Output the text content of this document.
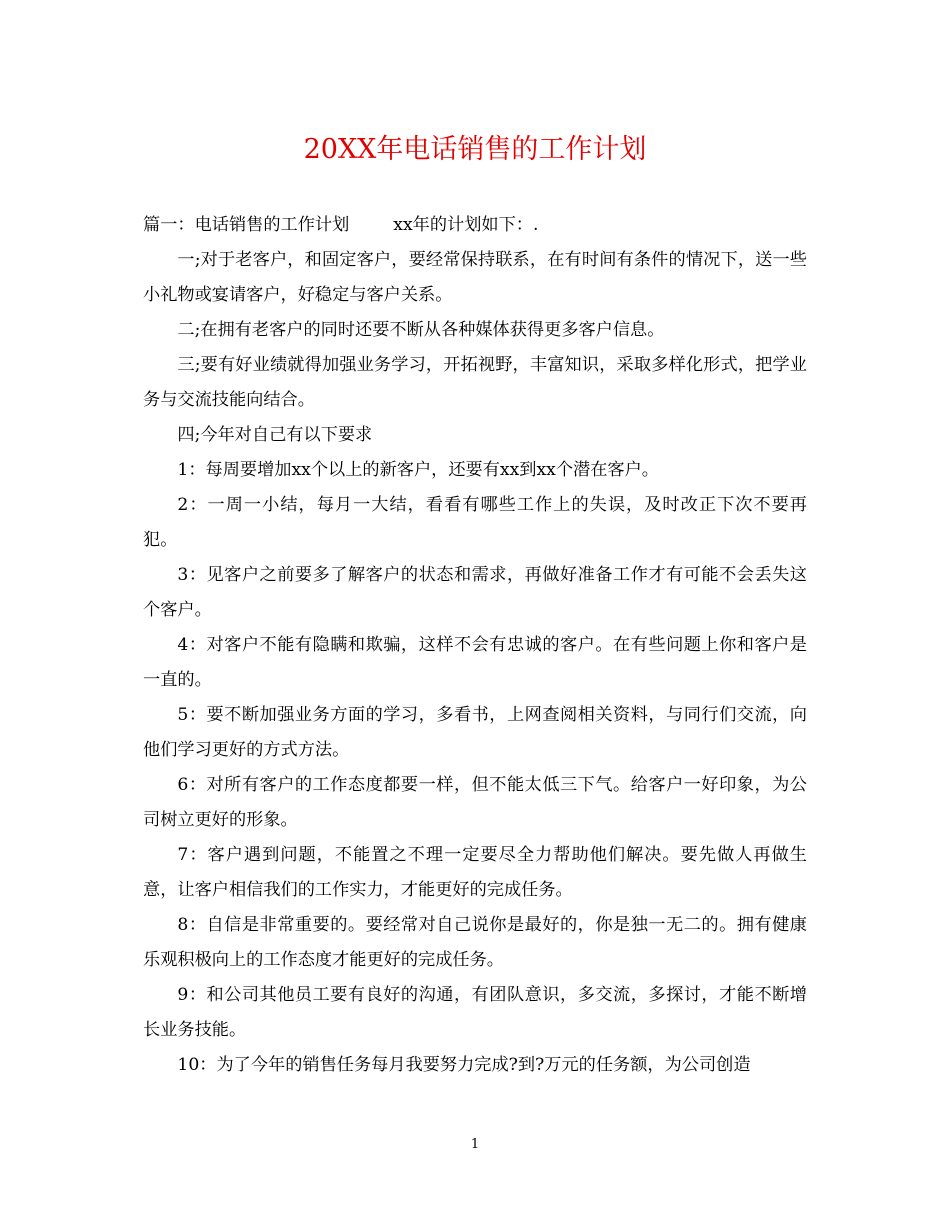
20XX年电话销售的工作计划

篇一：电话销售的工作计划	xx年的计划如下：.

一;对于老客户，和固定客户，要经常保持联系，在有时间有条件的情况下，送一些小礼物或宴请客户，好稳定与客户关系。

二;在拥有老客户的同时还要不断从各种媒体获得更多客户信息。

三;要有好业绩就得加强业务学习，开拓视野，丰富知识，采取多样化形式，把学业务与交流技能向结合。

四;今年对自己有以下要求

1：每周要增加xx个以上的新客户，还要有xx到xx个潜在客户。

2：一周一小结，每月一大结，看看有哪些工作上的失误，及时改正下次不要再犯。

3：见客户之前要多了解客户的状态和需求，再做好准备工作才有可能不会丢失这个客户。

4：对客户不能有隐瞒和欺骗，这样不会有忠诚的客户。在有些问题上你和客户是一直的。

5：要不断加强业务方面的学习，多看书，上网查阅相关资料，与同行们交流，向他们学习更好的方式方法。

6：对所有客户的工作态度都要一样，但不能太低三下气。给客户一好印象，为公司树立更好的形象。

7：客户遇到问题，不能置之不理一定要尽全力帮助他们解决。要先做人再做生意，让客户相信我们的工作实力，才能更好的完成任务。

8：自信是非常重要的。要经常对自己说你是最好的，你是独一无二的。拥有健康乐观积极向上的工作态度才能更好的完成任务。

9：和公司其他员工要有良好的沟通，有团队意识，多交流，多探讨，才能不断增长业务技能。

10：为了今年的销售任务每月我要努力完成?到?万元的任务额，为公司创造

1
